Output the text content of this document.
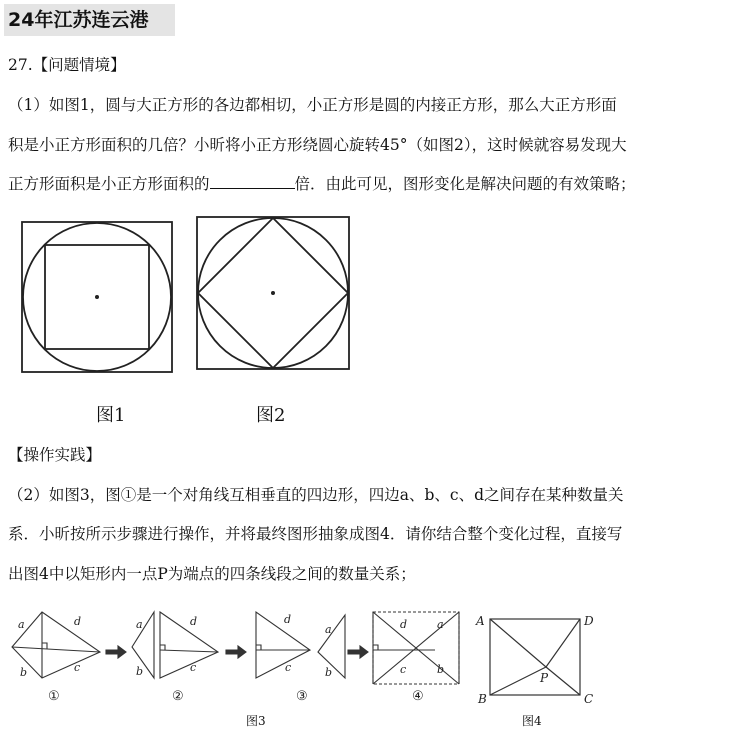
24年江苏连云港
27.【问题情境】
（1）如图1，圆与大正方形的各边都相切，小正方形是圆的内接正方形，那么大正方形面
积是小正方形面积的几倍？小昕将小正方形绕圆心旋转45°（如图2），这时候就容易发现大
正方形面积是小正方形面积的	倍．由此可见，图形变化是解决问题的有效策略；
图1	图2
【操作实践】
（2）如图3，图①是一个对角线互相垂直的四边形，四边a、b、c、d之间存在某种数量关
系．小昕按所示步骤进行操作，并将最终图形抽象成图4．请你结合整个变化过程，直接写
出图4中以矩形内一点P为端点的四条线段之间的数量关系；
a	d
b	c
a
b
d
c
d
c
a
b
d	a
c	b
①	②	③	④
图3
A	D
B	C
P
图4
